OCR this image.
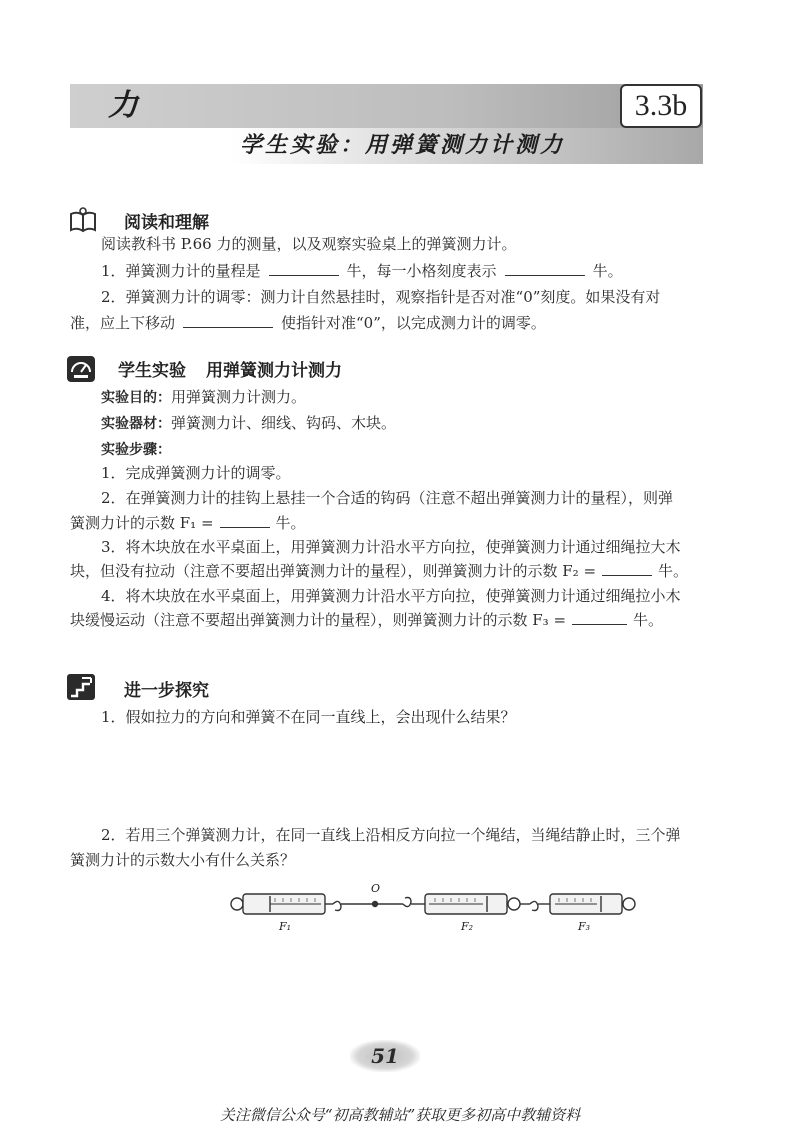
力	3.3b
学生实验：用弹簧测力计测力
阅读和理解
阅读教科书 P.66 力的测量，以及观察实验桌上的弹簧测力计。
1．弹簧测力计的量程是	牛，每一小格刻度表示	牛。
2．弹簧测力计的调零：测力计自然悬挂时，观察指针是否对准“0”刻度。如果没有对
准，应上下移动	使指针对准“0”，以完成测力计的调零。
学生实验 用弹簧测力计测力
实验目的：用弹簧测力计测力。
实验器材：弹簧测力计、细线、钩码、木块。
实验步骤：
1．完成弹簧测力计的调零。
2．在弹簧测力计的挂钩上悬挂一个合适的钩码（注意不超出弹簧测力计的量程），则弹
簧测力计的示数 F₁ =	牛。
3．将木块放在水平桌面上，用弹簧测力计沿水平方向拉，使弹簧测力计通过细绳拉大木
块，但没有拉动（注意不要超出弹簧测力计的量程），则弹簧测力计的示数 F₂ =	牛。
4．将木块放在水平桌面上，用弹簧测力计沿水平方向拉，使弹簧测力计通过细绳拉小木
块缓慢运动（注意不要超出弹簧测力计的量程），则弹簧测力计的示数 F₃ =	牛。
进一步探究
1．假如拉力的方向和弹簧不在同一直线上，会出现什么结果？
2．若用三个弹簧测力计，在同一直线上沿相反方向拉一个绳结，当绳结静止时，三个弹
簧测力计的示数大小有什么关系？
O
F₁	F₂	F₃
51
关注微信公众号“初高教辅站”获取更多初高中教辅资料
